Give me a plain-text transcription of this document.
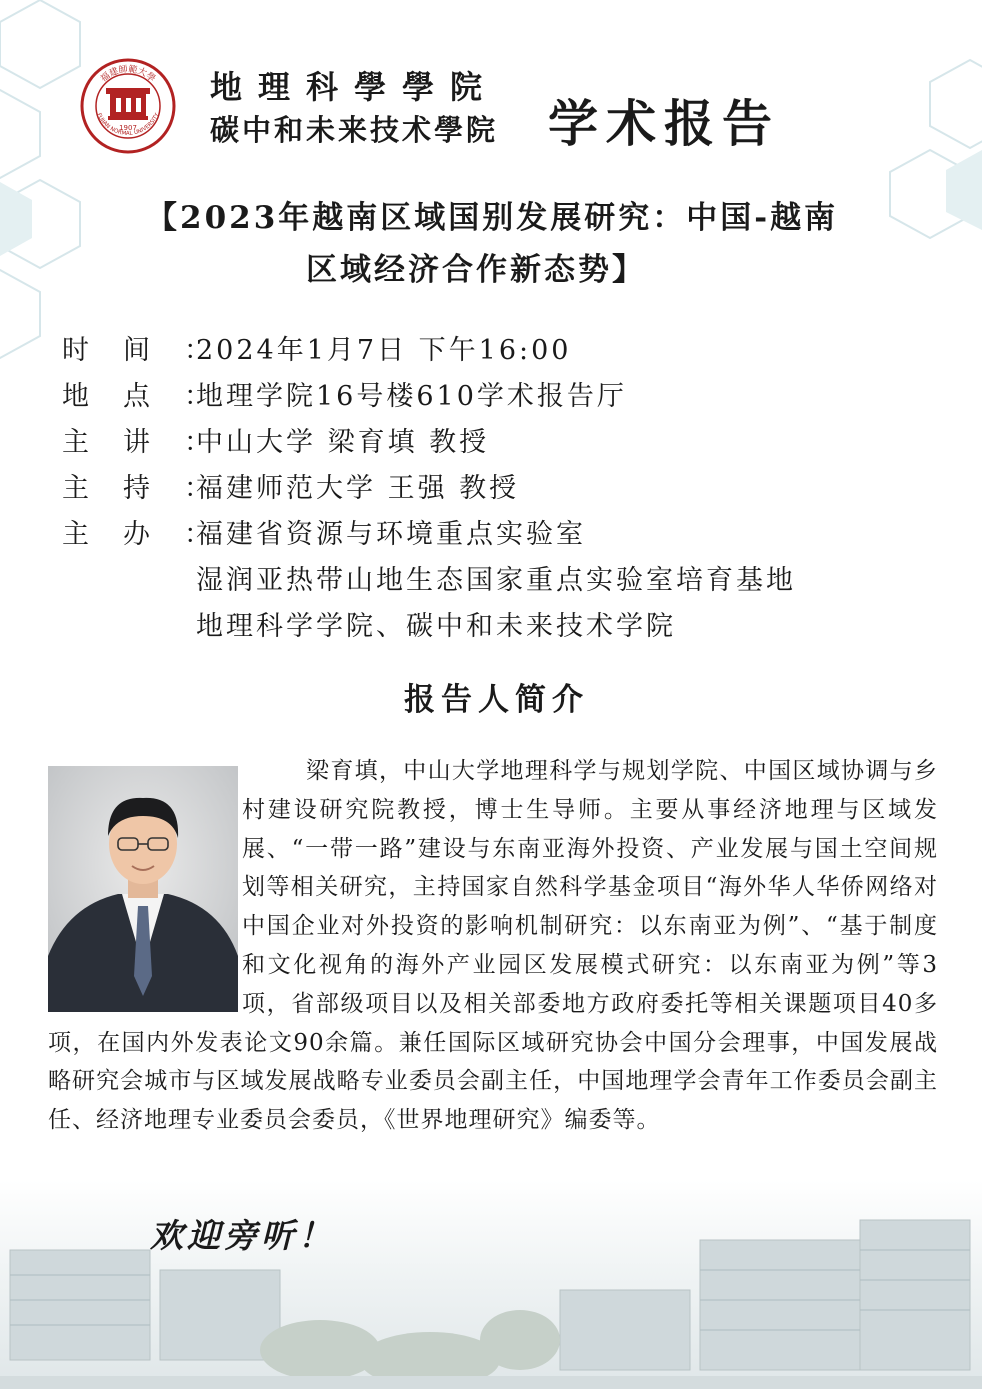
1907
福建師範大學
FUJIAN NORMAL UNIVERSITY
地理科學學院
碳中和未来技术學院 学术报告
【2023年越南区域国别发展研究：中国-越南
区域经济合作新态势】
时间：
2024年1月7日 下午16:00
地点：
地理学院16号楼610学术报告厅
主讲：
中山大学 梁育填 教授
主持：
福建师范大学 王强 教授
主办：
福建省资源与环境重点实验室
湿润亚热带山地生态国家重点实验室培育基地
地理科学学院、碳中和未来技术学院
报告人简介
梁育填，中山大学地理科学与规划学院、中国区域协调与乡村建设研究院教授，博士生导师。主要从事经济地理与区域发展、“一带一路”建设与东南亚海外投资、产业发展与国土空间规划等相关研究，主持国家自然科学基金项目“海外华人华侨网络对中国企业对外投资的影响机制研究：以东南亚为例”、“基于制度和文化视角的海外产业园区发展模式研究：以东南亚为例”等3项，省部级项目以及相关部委地方政府委托等相关课题项目40多项，在国内外发表论文90余篇。兼任国际区域研究协会中国分会理事，中国发展战略研究会城市与区域发展战略专业委员会副主任，中国地理学会青年工作委员会副主任、经济地理专业委员会委员，《世界地理研究》编委等。
欢迎旁听！
